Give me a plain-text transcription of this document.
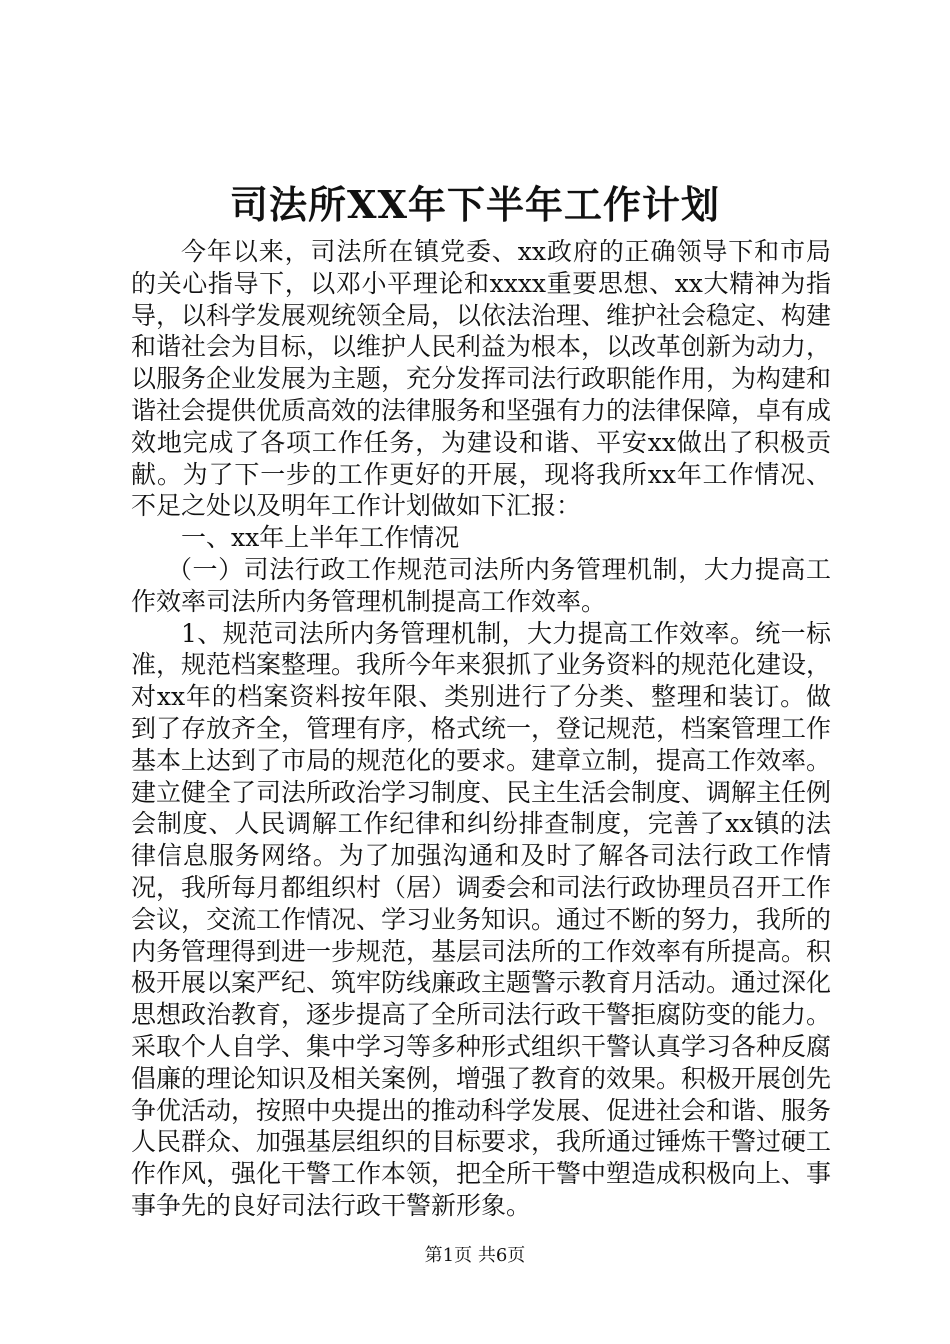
司法所XX年下半年工作计划

今年以来，司法所在镇党委、xx政府的正确领导下和市局的关心指导下，以邓小平理论和xxxx重要思想、xx大精神为指导，以科学发展观统领全局，以依法治理、维护社会稳定、构建和谐社会为目标，以维护人民利益为根本，以改革创新为动力，以服务企业发展为主题，充分发挥司法行政职能作用，为构建和谐社会提供优质高效的法律服务和坚强有力的法律保障，卓有成效地完成了各项工作任务，为建设和谐、平安xx做出了积极贡献。为了下一步的工作更好的开展，现将我所xx年工作情况、不足之处以及明年工作计划做如下汇报：

一、xx年上半年工作情况

（一）司法行政工作规范司法所内务管理机制，大力提高工作效率司法所内务管理机制提高工作效率。

1、规范司法所内务管理机制，大力提高工作效率。统一标准，规范档案整理。我所今年来狠抓了业务资料的规范化建设，对xx年的档案资料按年限、类别进行了分类、整理和装订。做到了存放齐全，管理有序，格式统一，登记规范，档案管理工作基本上达到了市局的规范化的要求。建章立制，提高工作效率。建立健全了司法所政治学习制度、民主生活会制度、调解主任例会制度、人民调解工作纪律和纠纷排查制度，完善了xx镇的法律信息服务网络。为了加强沟通和及时了解各司法行政工作情况，我所每月都组织村（居）调委会和司法行政协理员召开工作会议，交流工作情况、学习业务知识。通过不断的努力，我所的内务管理得到进一步规范，基层司法所的工作效率有所提高。积极开展以案严纪、筑牢防线廉政主题警示教育月活动。通过深化思想政治教育，逐步提高了全所司法行政干警拒腐防变的能力。采取个人自学、集中学习等多种形式组织干警认真学习各种反腐倡廉的理论知识及相关案例，增强了教育的效果。积极开展创先争优活动，按照中央提出的推动科学发展、促进社会和谐、服务人民群众、加强基层组织的目标要求，我所通过锤炼干警过硬工作作风，强化干警工作本领，把全所干警中塑造成积极向上、事事争先的良好司法行政干警新形象。

第1页 共6页
